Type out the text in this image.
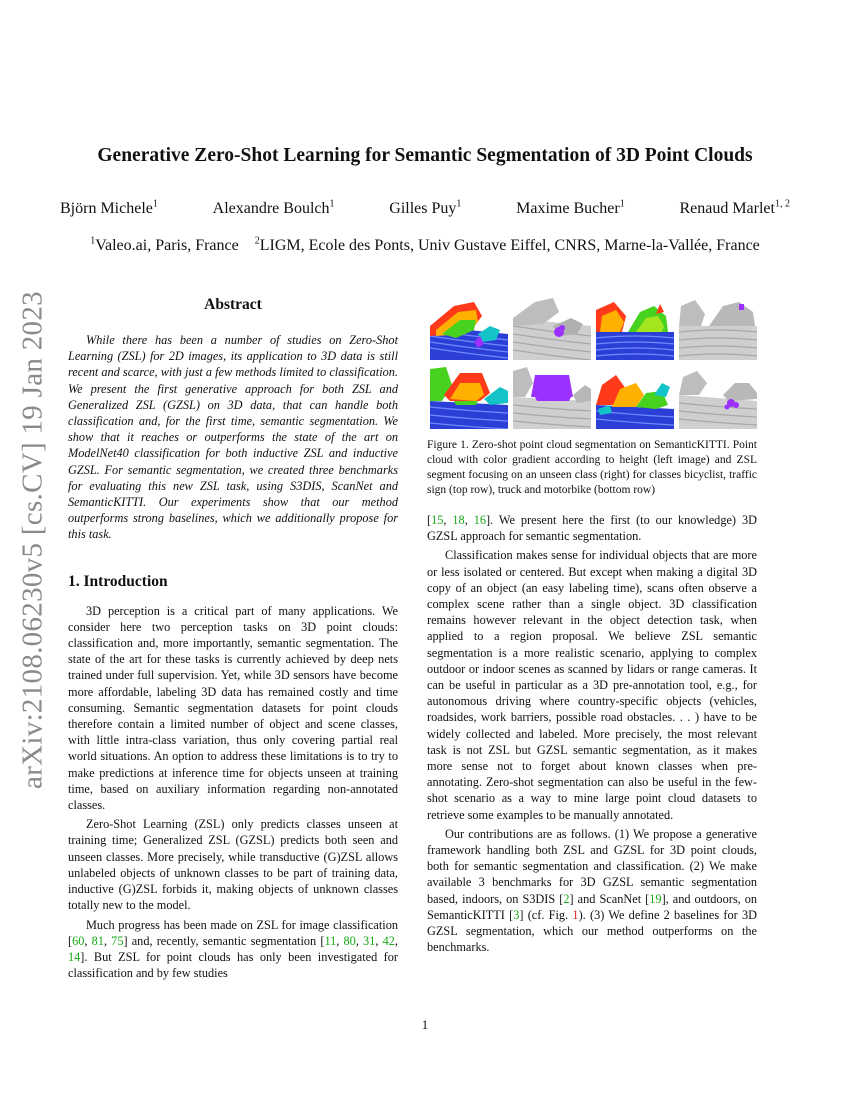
arXiv:2108.06230v5 [cs.CV] 19 Jan 2023
Generative Zero-Shot Learning for Semantic Segmentation of 3D Point Clouds
Björn Michele$^1$	Alexandre Boulch$^1$	Gilles Puy$^1$	Maxime Bucher$^1$	Renaud Marlet$^{1, 2}$
$^1$Valeo.ai, Paris, France $^2$LIGM, Ecole des Ponts, Univ Gustave Eiffel, CNRS, Marne-la-Vallée, France
Abstract

While there has been a number of studies on Zero-Shot Learning (ZSL) for 2D images, its application to 3D data is still recent and scarce, with just a few methods limited to classification. We present the first generative approach for both ZSL and Generalized ZSL (GZSL) on 3D data, that can handle both classification and, for the first time, semantic segmentation. We show that it reaches or outperforms the state of the art on ModelNet40 classification for both inductive ZSL and inductive GZSL. For semantic segmentation, we created three benchmarks for evaluating this new ZSL task, using S3DIS, ScanNet and SemanticKITTI. Our experiments show that our method outperforms strong baselines, which we additionally propose for this task.

1. Introduction

3D perception is a critical part of many applications. We consider here two perception tasks on 3D point clouds: classification and, more importantly, semantic segmentation. The state of the art for these tasks is currently achieved by deep nets trained under full supervision. Yet, while 3D sensors have become more affordable, labeling 3D data has remained costly and time consuming. Semantic segmentation datasets for point clouds therefore contain a limited number of object and scene classes, with little intra-class variation, thus only covering partial real world situations. An option to address these limitations is to try to make predictions at inference time for objects unseen at training time, based on auxiliary information regarding non-annotated classes.

Zero-Shot Learning (ZSL) only predicts classes unseen at training time; Generalized ZSL (GZSL) predicts both seen and unseen classes. More precisely, while transductive (G)ZSL allows unlabeled objects of unknown classes to be part of training data, inductive (G)ZSL forbids it, making objects of unknown classes totally new to the model.

Much progress has been made on ZSL for image classification [60, 81, 75] and, recently, semantic segmentation [11, 80, 31, 42, 14]. But ZSL for point clouds has only been investigated for classification and by few studies

Figure 1. Zero-shot point cloud segmentation on SemanticKITTI. Point cloud with color gradient according to height (left image) and ZSL segment focusing on an unseen class (right) for classes bicyclist, traffic sign (top row), truck and motorbike (bottom row)

[15, 18, 16]. We present here the first (to our knowledge) 3D GZSL approach for semantic segmentation.

Classification makes sense for individual objects that are more or less isolated or centered. But except when making a digital 3D copy of an object (an easy labeling time), scans often observe a complex scene rather than a single object. 3D classification remains however relevant in the object detection task, when applied to a region proposal. We believe ZSL semantic segmentation is a more realistic scenario, applying to complex outdoor or indoor scenes as scanned by lidars or range cameras. It can be useful in particular as a 3D pre-annotation tool, e.g., for autonomous driving where country-specific objects (vehicles, roadsides, work barriers, possible road obstacles. . . ) have to be widely collected and labeled. More precisely, the most relevant task is not ZSL but GZSL semantic segmentation, as it makes more sense not to forget about known classes when pre-annotating. Zero-shot segmentation can also be useful in the few-shot scenario as a way to mine large point cloud datasets to retrieve some examples to be manually annotated.

Our contributions are as follows. (1) We propose a generative framework handling both ZSL and GZSL for 3D point clouds, both for semantic segmentation and classification. (2) We make available 3 benchmarks for 3D GZSL semantic segmentation based, indoors, on S3DIS [2] and ScanNet [19], and outdoors, on SemanticKITTI [3] (cf. Fig. 1). (3) We define 2 baselines for 3D GZSL segmentation, which our method outperforms on the benchmarks.

1
